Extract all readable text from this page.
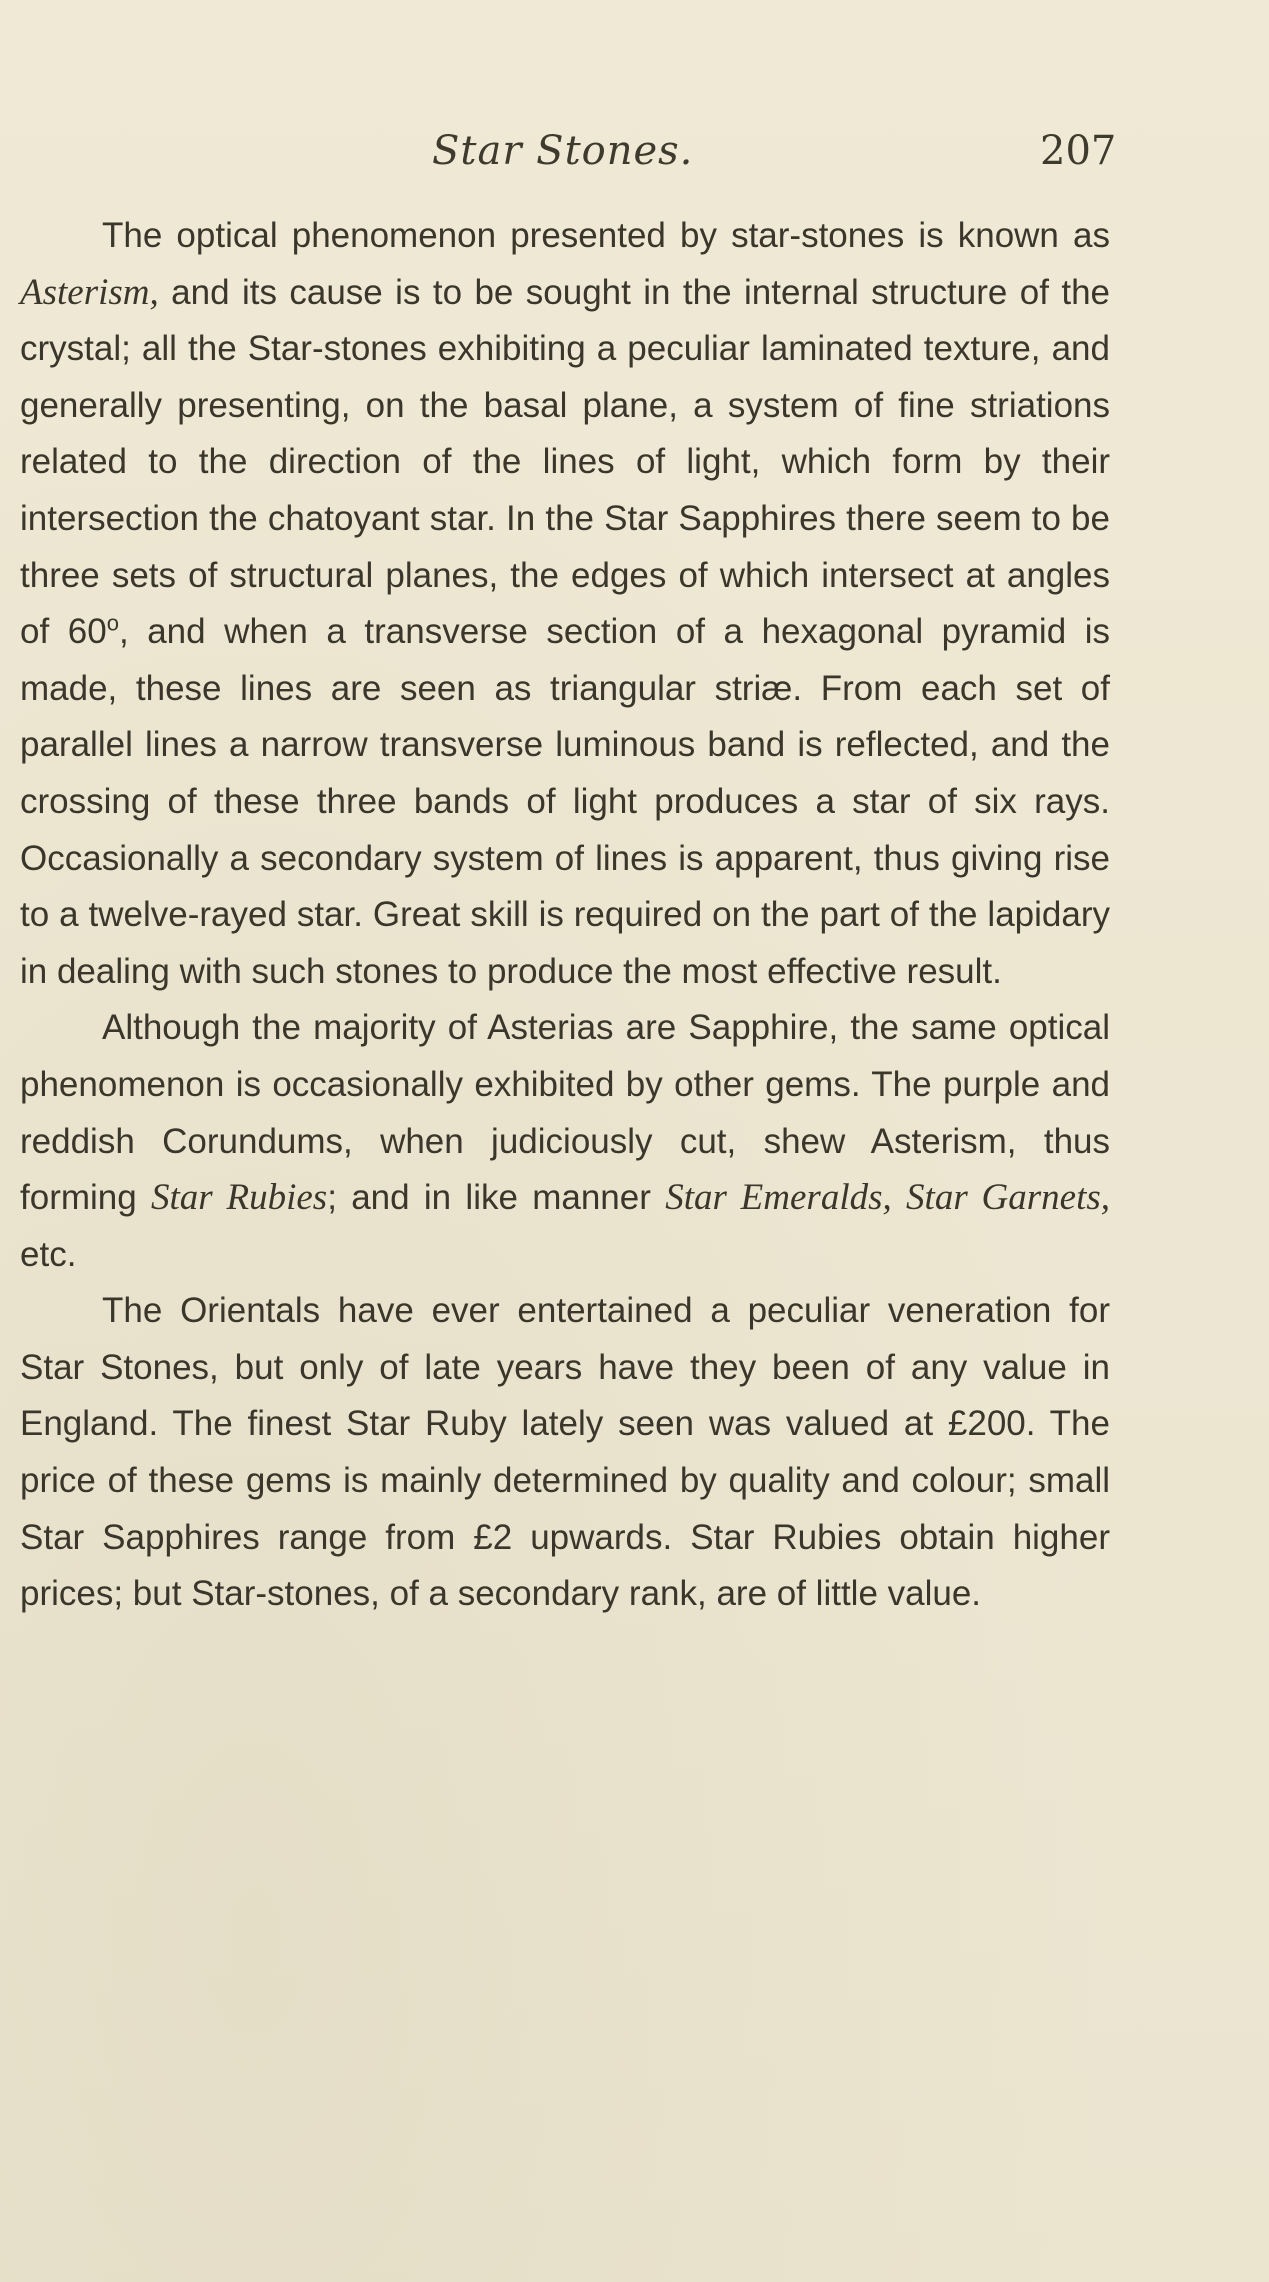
Star Stones.	207

The optical phenomenon presented by star-stones is known as Asterism, and its cause is to be sought in the internal structure of the crystal; all the Star-stones exhibiting a peculiar laminated texture, and generally presenting, on the basal plane, a system of fine striations related to the direction of the lines of light, which form by their intersection the chatoyant star. In the Star Sapphires there seem to be three sets of structural planes, the edges of which intersect at angles of 60$^o$, and when a transverse section of a hexagonal pyramid is made, these lines are seen as triangular striæ. From each set of parallel lines a narrow transverse luminous band is reflected, and the crossing of these three bands of light produces a star of six rays. Occasionally a secondary system of lines is apparent, thus giving rise to a twelve-rayed star. Great skill is required on the part of the lapidary in dealing with such stones to produce the most effective result.

Although the majority of Asterias are Sapphire, the same optical phenomenon is occasionally exhibited by other gems. The purple and reddish Corundums, when judiciously cut, shew Asterism, thus forming Star Rubies; and in like manner Star Emeralds, Star Garnets, etc.

The Orientals have ever entertained a peculiar veneration for Star Stones, but only of late years have they been of any value in England. The finest Star Ruby lately seen was valued at £200. The price of these gems is mainly determined by quality and colour; small Star Sapphires range from £2 upwards. Star Rubies obtain higher prices; but Star-stones, of a secondary rank, are of little value.
